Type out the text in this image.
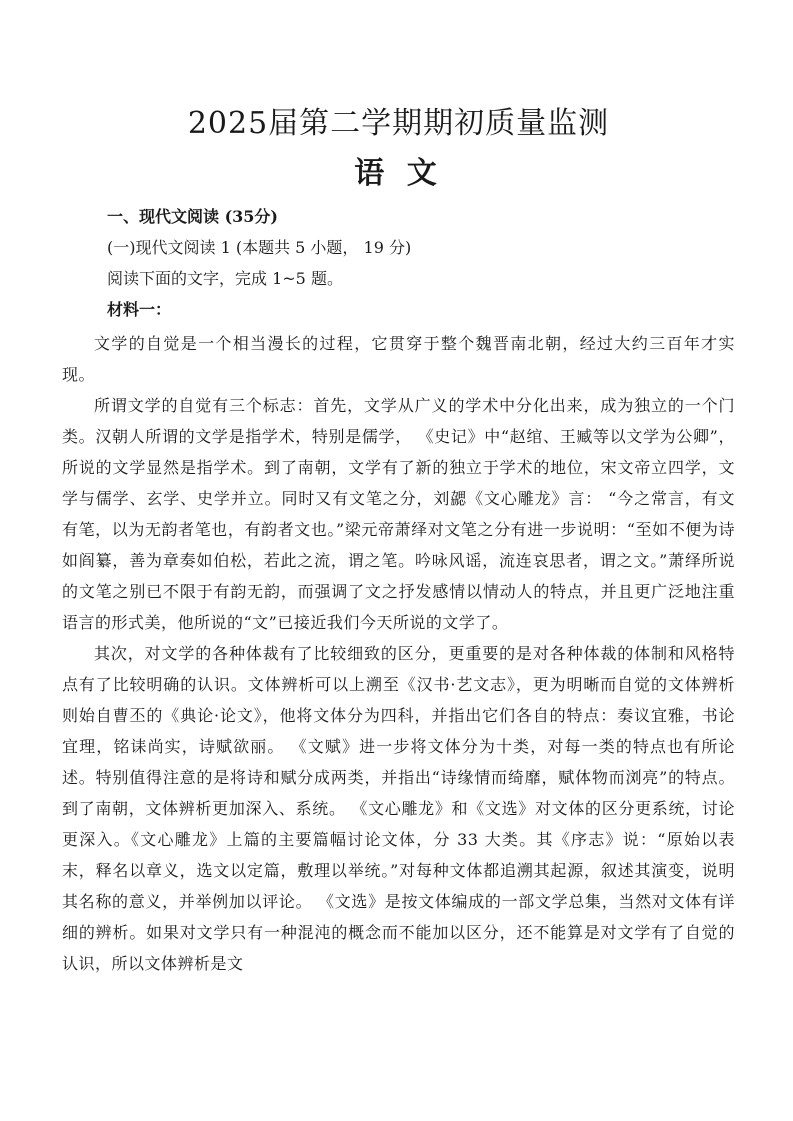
2025届第二学期期初质量监测
语 文
一、现代文阅读 (35分)
(一)现代文阅读 1 (本题共 5 小题， 19 分)
阅读下面的文字，完成 1~5 题。
材料一：

文学的自觉是一个相当漫长的过程，它贯穿于整个魏晋南北朝，经过大约三百年才实现。

所谓文学的自觉有三个标志：首先，文学从广义的学术中分化出来，成为独立的一个门类。汉朝人所谓的文学是指学术，特别是儒学， 《史记》中“赵绾、王臧等以文学为公卿”，所说的文学显然是指学术。到了南朝，文学有了新的独立于学术的地位，宋文帝立四学，文学与儒学、玄学、史学并立。同时又有文笔之分，刘勰《文心雕龙》言： “今之常言，有文有笔，以为无韵者笔也，有韵者文也。”梁元帝萧绎对文笔之分有进一步说明：“至如不便为诗如阎纂，善为章奏如伯松，若此之流，谓之笔。吟咏风谣，流连哀思者，谓之文。”萧绎所说的文笔之别已不限于有韵无韵，而强调了文之抒发感情以情动人的特点，并且更广泛地注重语言的形式美，他所说的“文”已接近我们今天所说的文学了。

其次，对文学的各种体裁有了比较细致的区分，更重要的是对各种体裁的体制和风格特点有了比较明确的认识。文体辨析可以上溯至《汉书·艺文志》，更为明晰而自觉的文体辨析则始自曹丕的《典论·论文》，他将文体分为四科，并指出它们各自的特点：奏议宜雅，书论宜理，铭诔尚实，诗赋欲丽。 《文赋》进一步将文体分为十类，对每一类的特点也有所论述。特别值得注意的是将诗和赋分成两类，并指出“诗缘情而绮靡，赋体物而浏亮”的特点。到了南朝，文体辨析更加深入、系统。 《文心雕龙》和《文选》对文体的区分更系统，讨论更深入。《文心雕龙》上篇的主要篇幅讨论文体，分 33 大类。其《序志》说：“原始以表末，释名以章义，选文以定篇，敷理以举统。”对每种文体都追溯其起源，叙述其演变，说明其名称的意义，并举例加以评论。 《文选》是按文体编成的一部文学总集，当然对文体有详细的辨析。如果对文学只有一种混沌的概念而不能加以区分，还不能算是对文学有了自觉的认识，所以文体辨析是文
